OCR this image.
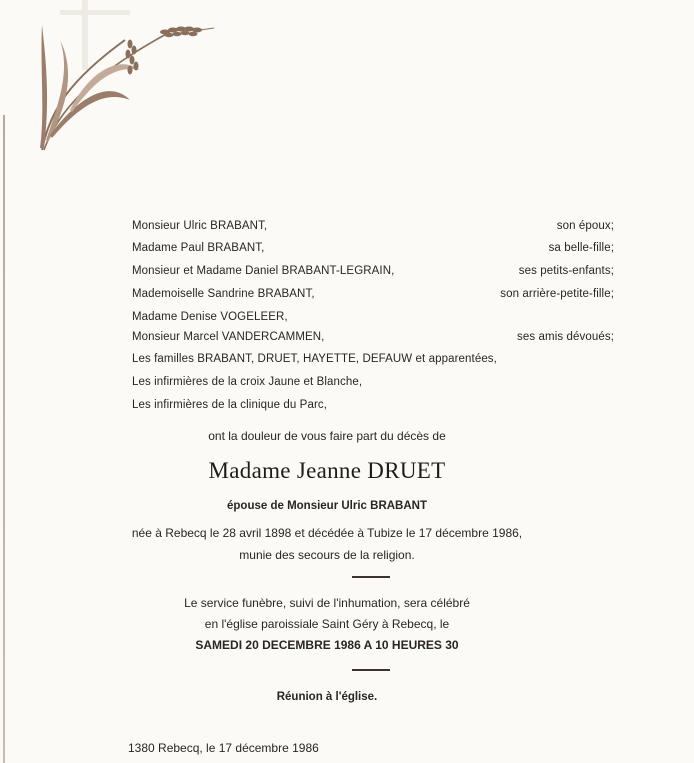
Monsieur Ulric BRABANT,	son époux;
Madame Paul BRABANT,	sa belle-fille;
Monsieur et Madame Daniel BRABANT-LEGRAIN,	ses petits-enfants;
Mademoiselle Sandrine BRABANT,	son arrière-petite-fille;
Madame Denise VOGELEER,
Monsieur Marcel VANDERCAMMEN,	ses amis dévoués;
Les familles BRABANT, DRUET, HAYETTE, DEFAUW et apparentées,
Les infirmières de la croix Jaune et Blanche,
Les infirmières de la clinique du Parc,
ont la douleur de vous faire part du décès de
Madame Jeanne DRUET
épouse de Monsieur Ulric BRABANT
née à Rebecq le 28 avril 1898 et décédée à Tubize le 17 décembre 1986,
munie des secours de la religion.
Le service funèbre, suivi de l'inhumation, sera célébré
en l'église paroissiale Saint Géry à Rebecq, le
SAMEDI 20 DECEMBRE 1986 A 10 HEURES 30
Réunion à l'église.
1380 Rebecq, le 17 décembre 1986
